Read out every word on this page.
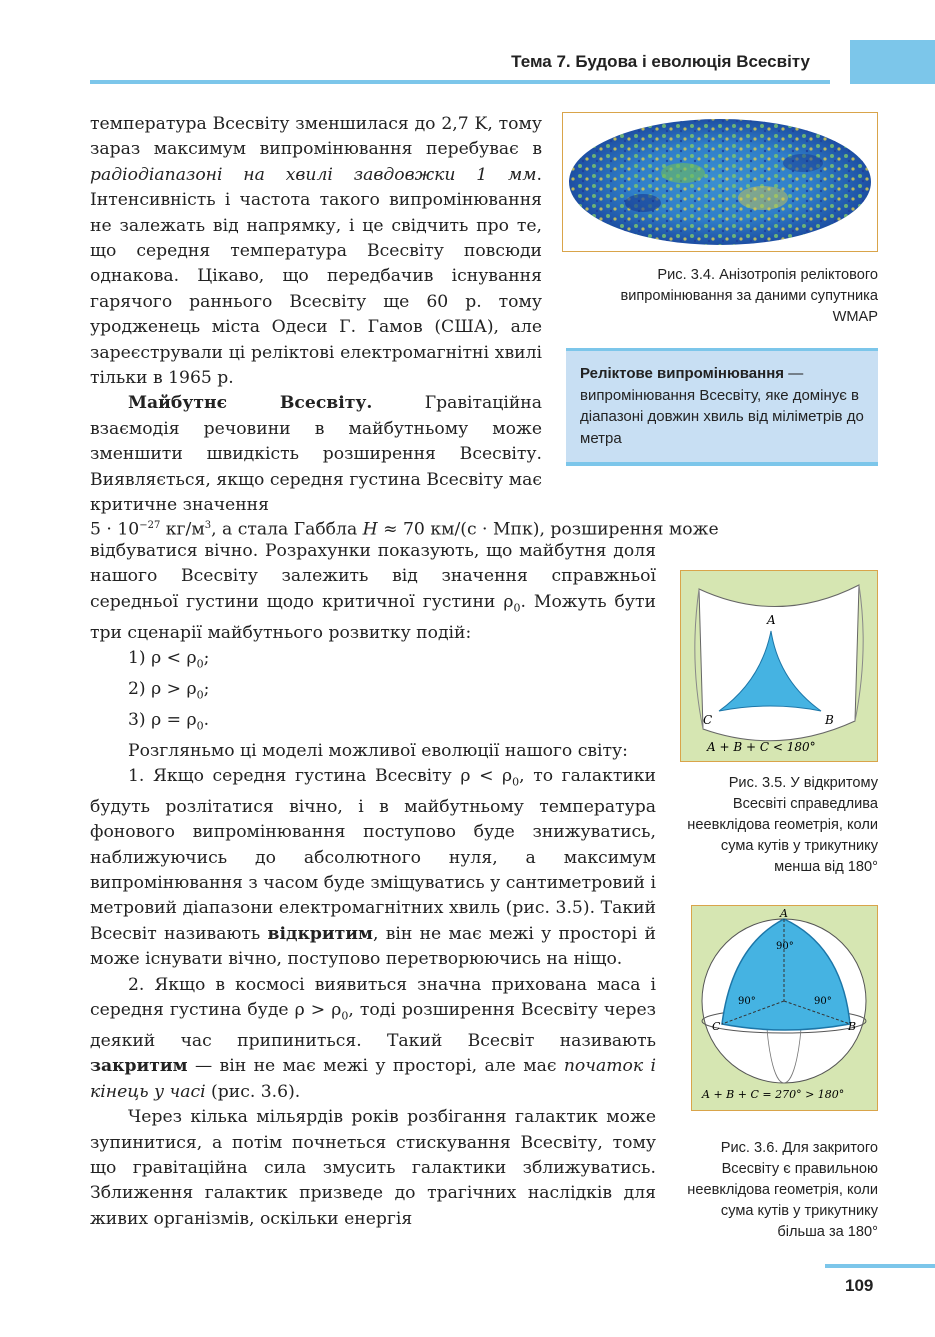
Тема 7. Будова і еволюція Всесвіту

температура Всесвіту зменшилася до 2,7 K, тому зараз максимум випромінювання перебуває в радіодіапазоні на хвилі завдовжки 1 мм. Інтенсивність і частота такого випромінювання не залежать від напрямку, і це свідчить про те, що середня температура Всесвіту повсюди однакова. Цікаво, що передбачив існування гарячого раннього Всесвіту ще 60 р. тому уродженець міста Одеси Г. Гамов (США), але зареєстрували ці реліктові електромагнітні хвилі тільки в 1965 р.

Майбутнє Всесвіту. Гравітаційна взаємодія речовини в майбутньому може зменшити швидкість розширення Всесвіту. Виявляється, якщо середня густина Всесвіту має критичне значення

$5 \cdot 10^{-27}$ $кг/м^3$, а стала Габбла H ≈ 70 км/(с · Мпк), розширення може

відбуватися вічно. Розрахунки показують, що майбутня доля нашого Всесвіту залежить від значення справжньої середньої густини щодо критичної густини $\rho_0$. Можуть бути три сценарії майбутнього розвитку подій:

1) $\rho < \rho_0$;

2) $\rho > \rho_0$;

3) $\rho = \rho_0$.

Розгляньмо ці моделі можливої еволюції нашого світу:

1. Якщо середня густина Всесвіту $\rho < \rho_0$, то галактики будуть розлітатися вічно, і в майбутньому температура фонового випромінювання поступово буде знижуватись, наближуючись до абсолютного нуля, а максимум випромінювання з часом буде зміщуватись у сантиметровий і метровий діапазони електромагнітних хвиль (рис. 3.5). Такий Всесвіт називають відкритим, він не має межі у просторі й може існувати вічно, поступово перетворюючись на ніщо.

2. Якщо в космосі виявиться значна прихована маса і середня густина буде $\rho > \rho_0$, тоді розширення Всесвіту через деякий час припиниться. Такий Всесвіт називають закритим — він не має межі у просторі, але має початок і кінець у часі (рис. 3.6).

Через кілька мільярдів років розбігання галактик може зупинитися, а потім почнеться стискування Всесвіту, тому що гравітаційна сила змусить галактики зближуватись. Зближення галактик призведе до трагічних наслідків для живих організмів, оскільки енергія

Рис. 3.4. Анізотропія реліктового випромінювання за даними супутника WMAP
Реліктове випромінювання — випромінювання Всесвіту, яке домінує в діапазоні довжин хвиль від міліметрів до метра
A
C	B
A + B + C < 180°
Рис. 3.5. У відкритому Всесвіті справедлива неевклідова геометрія, коли сума кутів у трикутнику менша від 180°
A
90°
90°	90°
C	B
A + B + C = 270° > 180°
Рис. 3.6. Для закритого Всесвіту є правильною неевклідова геометрія, коли сума кутів у трикутнику більша за 180°
109
